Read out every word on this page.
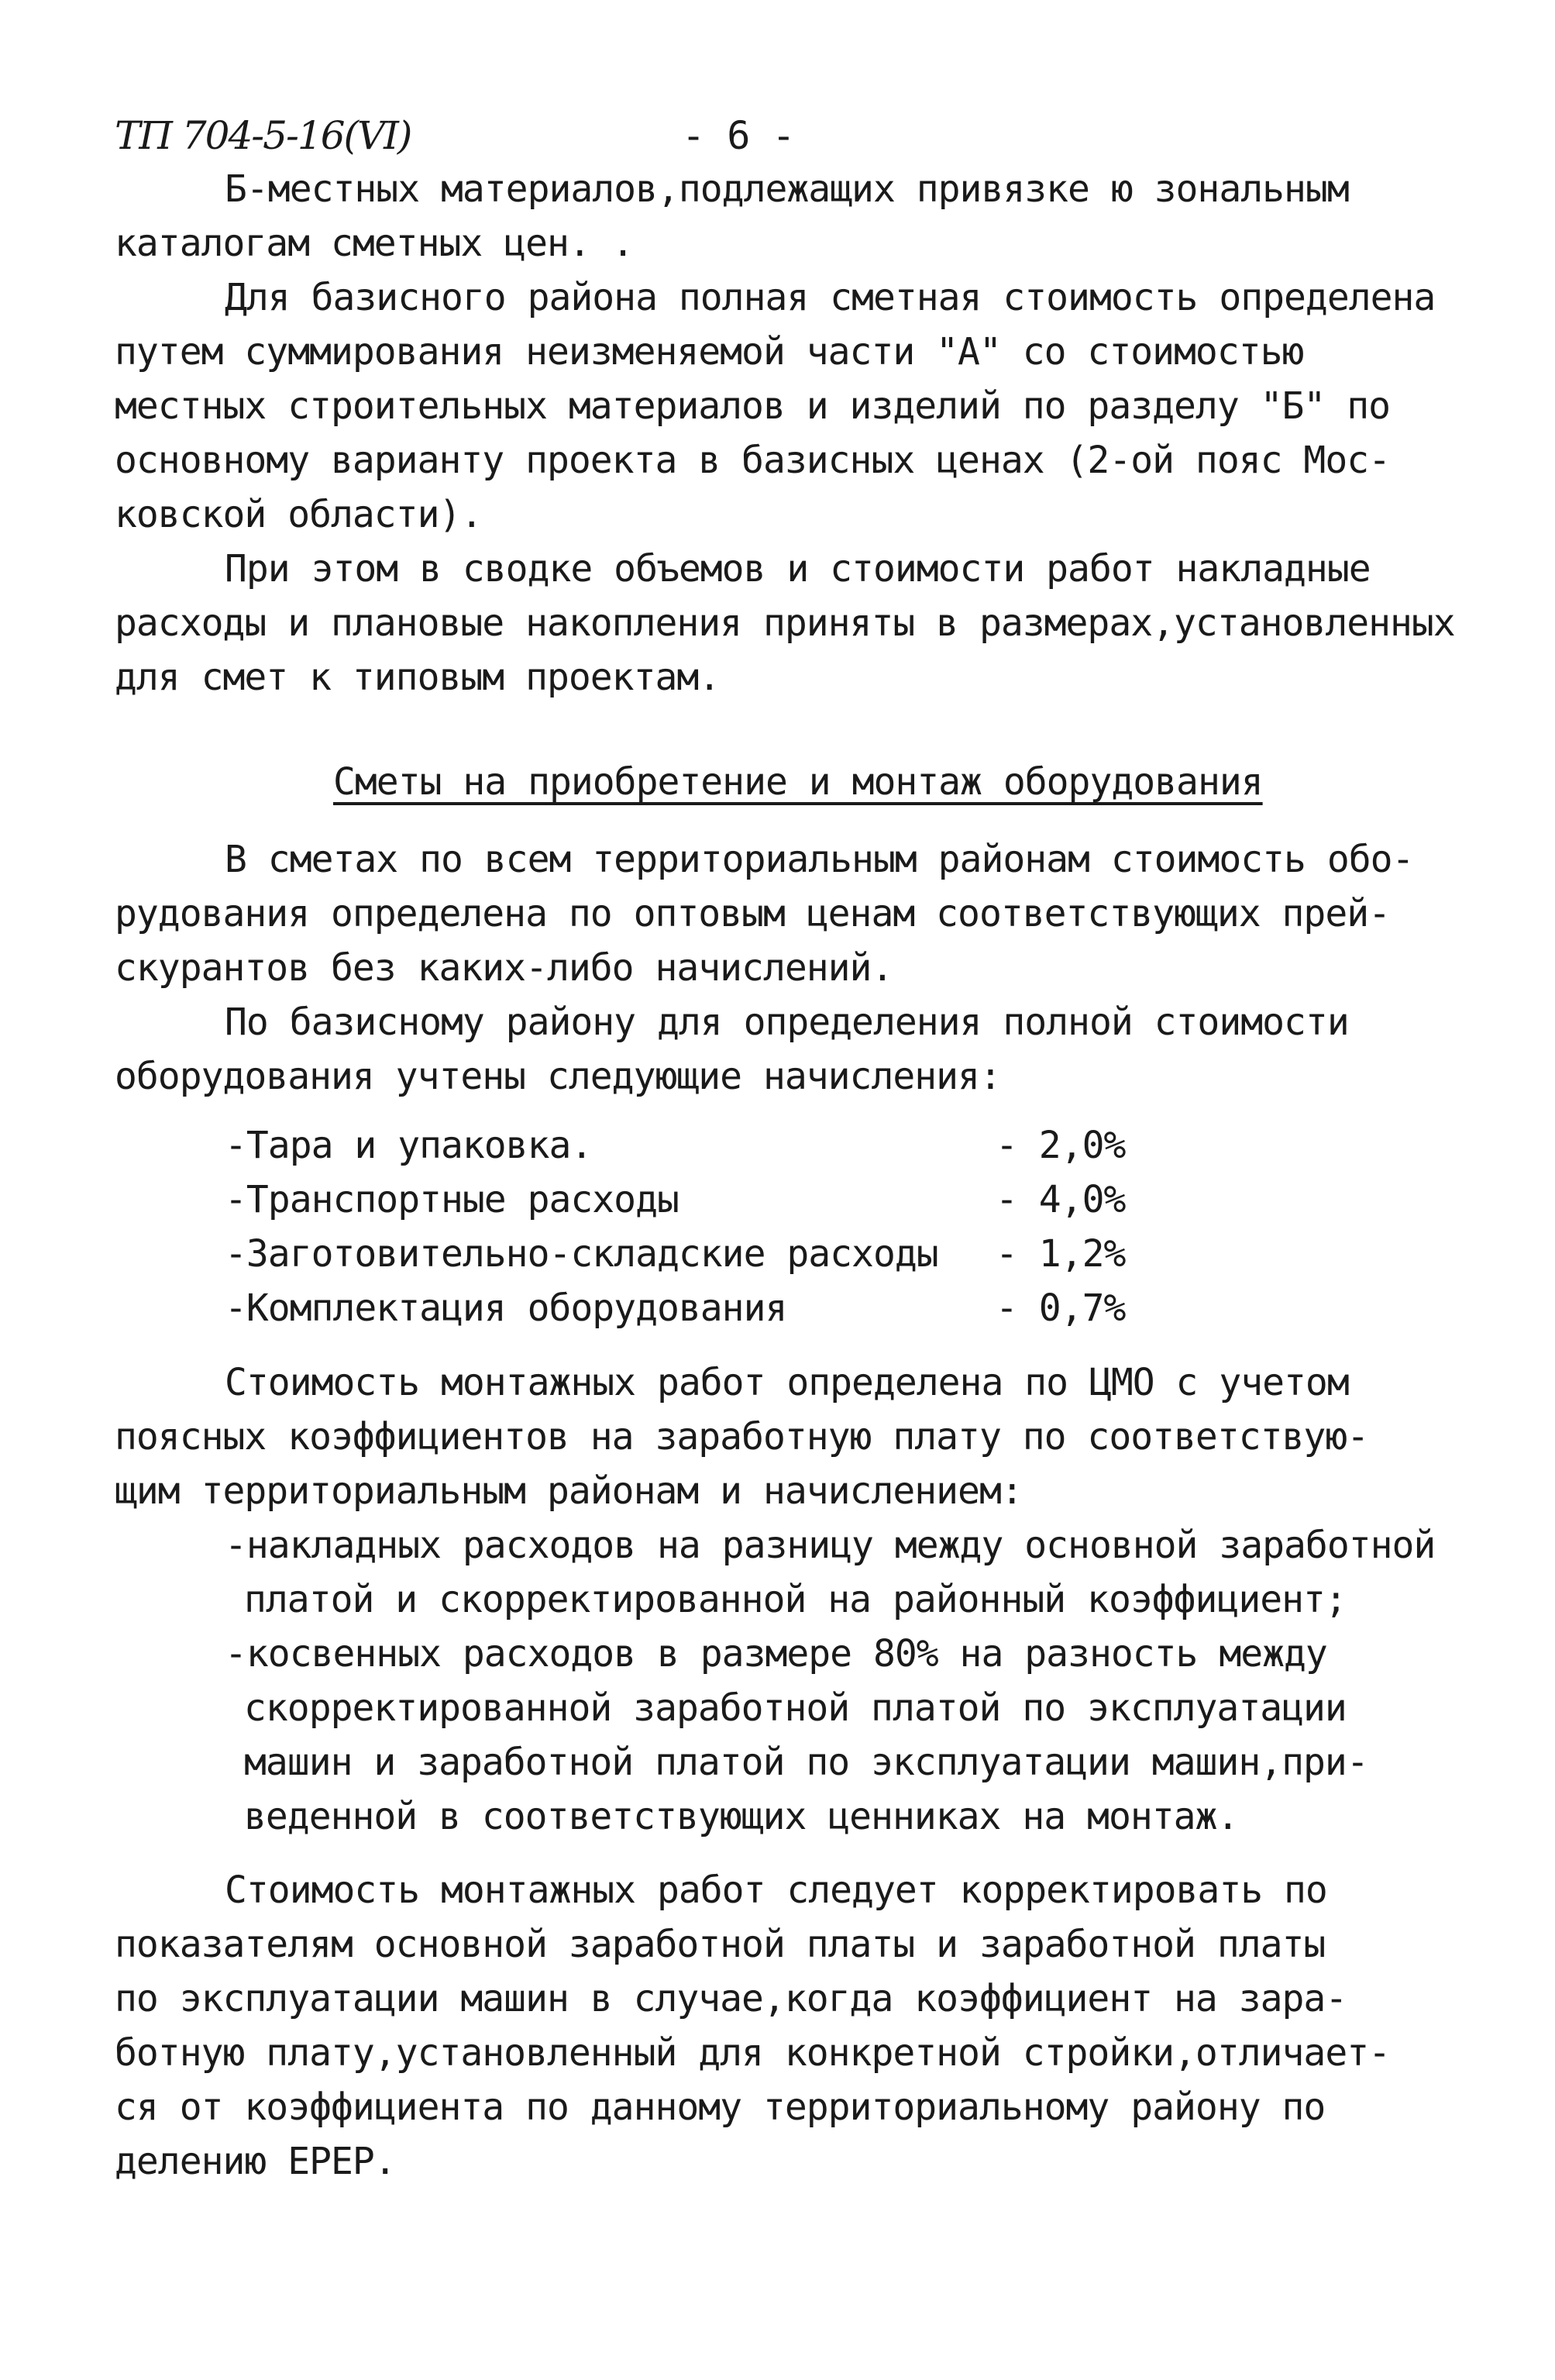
ТП 704-5-16(VI)	- 6 -
Б-местных материалов,подлежащих привязке ю зональным
каталогам сметных цен. .
Для базисного района полная сметная стоимость определена
путем суммирования неизменяемой части "А" со стоимостью
местных строительных материалов и изделий по разделу "Б" по
основному варианту проекта в базисных ценах (2-ой пояс Мос-
ковской области).
При этом в сводке объемов и стоимости работ накладные
расходы и плановые накопления приняты в размерах,установленных
для смет к типовым проектам.
Сметы на приобретение и монтаж оборудования
В сметах по всем территориальным районам стоимость обо-
рудования определена по оптовым ценам соответствующих прей-
скурантов без каких-либо начислений.
По базисному району для определения полной стоимости
оборудования учтены следующие начисления:
-Тара и упаковка.	- 2,0%
-Транспортные расходы	- 4,0%
-Заготовительно-складские расходы - 1,2%
-Комплектация оборудования	- 0,7%
Стоимость монтажных работ определена по ЦМО с учетом
поясных коэффициентов на заработную плату по соответствую-
щим территориальным районам и начислением:
-накладных расходов на разницу между основной заработной
платой и скорректированной на районный коэффициент;
-косвенных расходов в размере 80% на разность между
скорректированной заработной платой по эксплуатации
машин и заработной платой по эксплуатации машин,при-
веденной в соответствующих ценниках на монтаж.
Стоимость монтажных работ следует корректировать по
показателям основной заработной платы и заработной платы
по эксплуатации машин в случае,когда коэффициент на зара-
ботную плату,установленный для конкретной стройки,отличает-
ся от коэффициента по данному территориальному району по
делению ЕРЕР.
